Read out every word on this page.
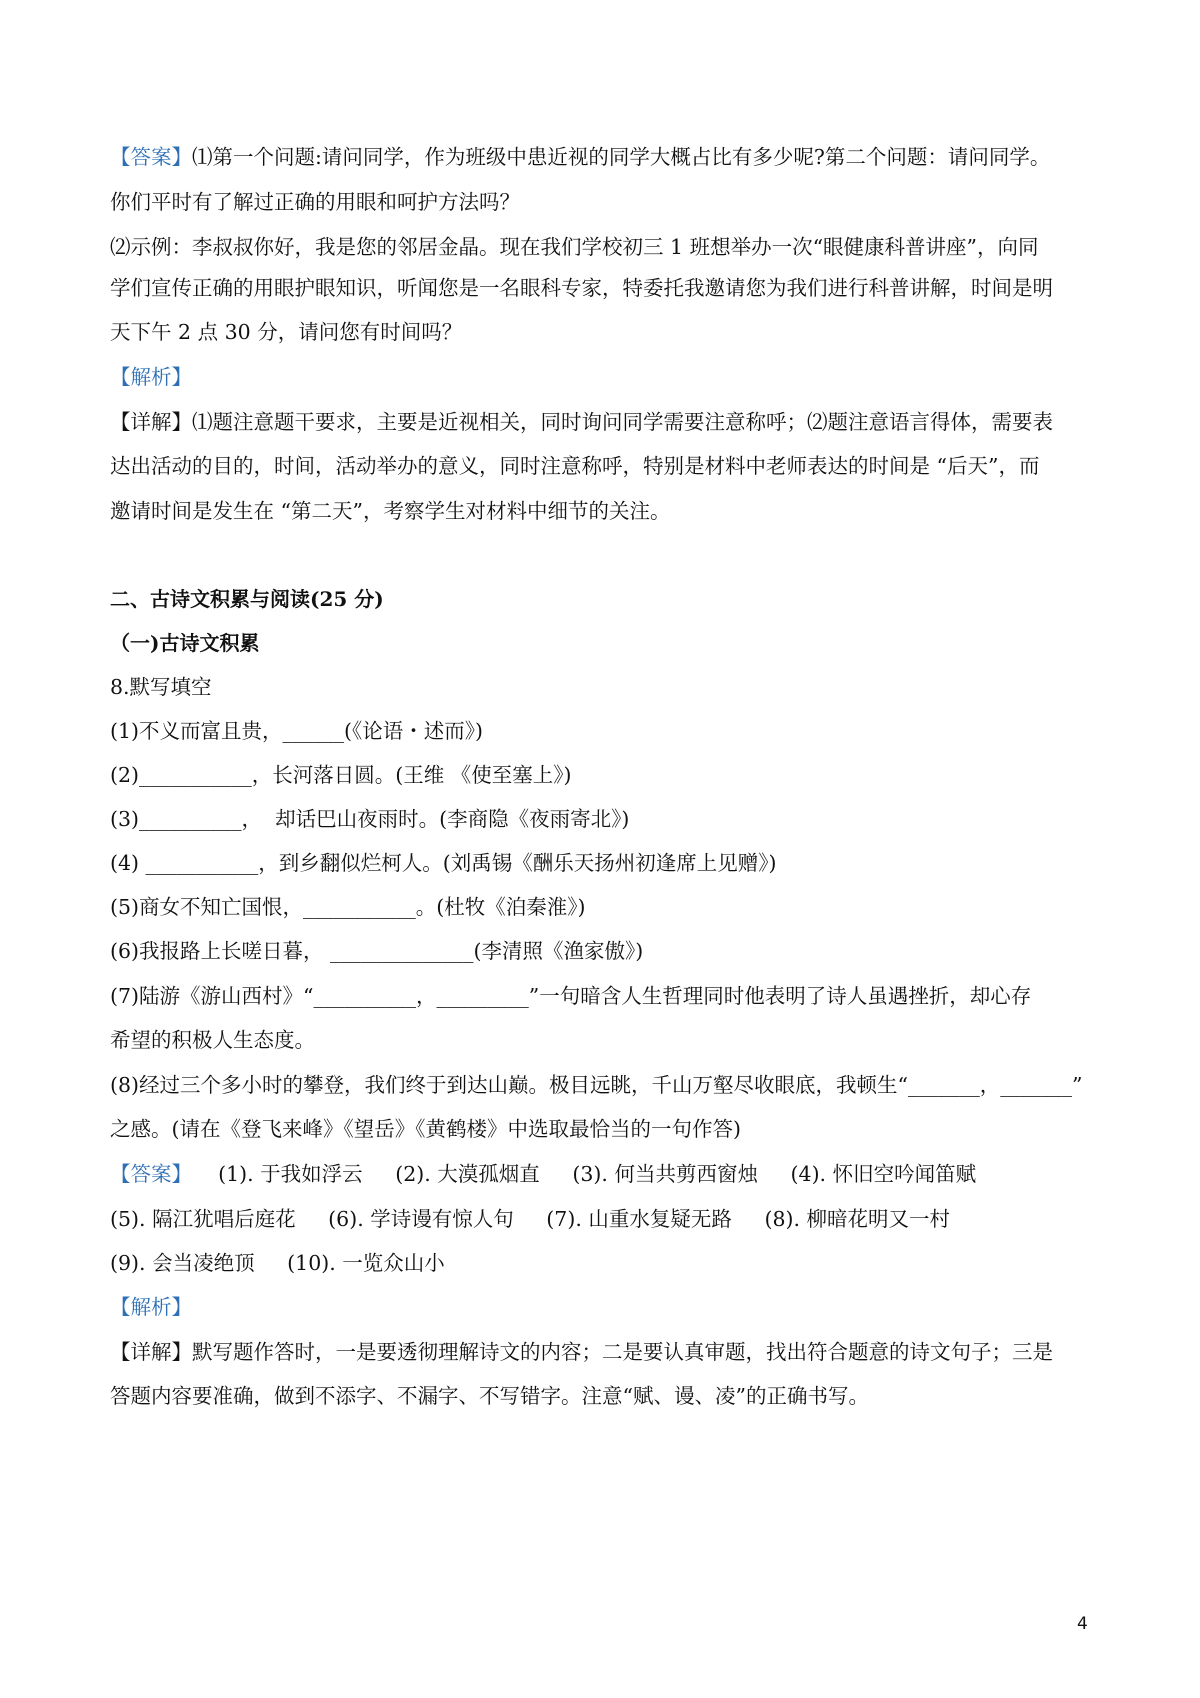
【答案】⑴第一个问题:请问同学，作为班级中患近视的同学大概占比有多少呢?第二个问题：请问同学。
你们平时有了解过正确的用眼和呵护方法吗？
⑵示例：李叔叔你好，我是您的邻居金晶。现在我们学校初三 1 班想举办一次“眼健康科普讲座”，向同
学们宣传正确的用眼护眼知识，听闻您是一名眼科专家，特委托我邀请您为我们进行科普讲解，时间是明
天下午 2 点 30 分，请问您有时间吗？
【解析】
【详解】⑴题注意题干要求，主要是近视相关，同时询问同学需要注意称呼；⑵题注意语言得体，需要表
达出活动的目的，时间，活动举办的意义，同时注意称呼，特别是材料中老师表达的时间是 “后天”，而
邀请时间是发生在 “第二天”，考察学生对材料中细节的关注。
二、古诗文积累与阅读(25 分)
（一)古诗文积累
8.默写填空
(1)不义而富且贵，______(《论语・述而》)
(2)___________，长河落日圆。(王维 《使至塞上》)
(3)__________，  却话巴山夜雨时。(李商隐《夜雨寄北》)
(4) ___________，到乡翻似烂柯人。(刘禹锡《酬乐天扬州初逢席上见赠》)
(5)商女不知亡国恨，___________。(杜牧《泊秦淮》)
(6)我报路上长嗟日暮， ______________(李清照《渔家傲》)
(7)陆游《游山西村》“__________，_________”一句暗含人生哲理同时他表明了诗人虽遇挫折，却心存
希望的积极人生态度。
(8)经过三个多小时的攀登，我们终于到达山巅。极目远眺，千山万壑尽收眼底，我顿生“_______，_______”
之感。(请在《登飞来峰》《望岳》《黄鹤楼》中选取最恰当的一句作答)
【答案】    (1). 于我如浮云     (2). 大漠孤烟直     (3). 何当共剪西窗烛     (4). 怀旧空吟闻笛赋
(5). 隔江犹唱后庭花     (6). 学诗谩有惊人句     (7). 山重水复疑无路     (8). 柳暗花明又一村
(9). 会当凌绝顶     (10). 一览众山小
【解析】
【详解】默写题作答时，一是要透彻理解诗文的内容；二是要认真审题，找出符合题意的诗文句子；三是
答题内容要准确，做到不添字、不漏字、不写错字。注意“赋、谩、凌”的正确书写。
4
